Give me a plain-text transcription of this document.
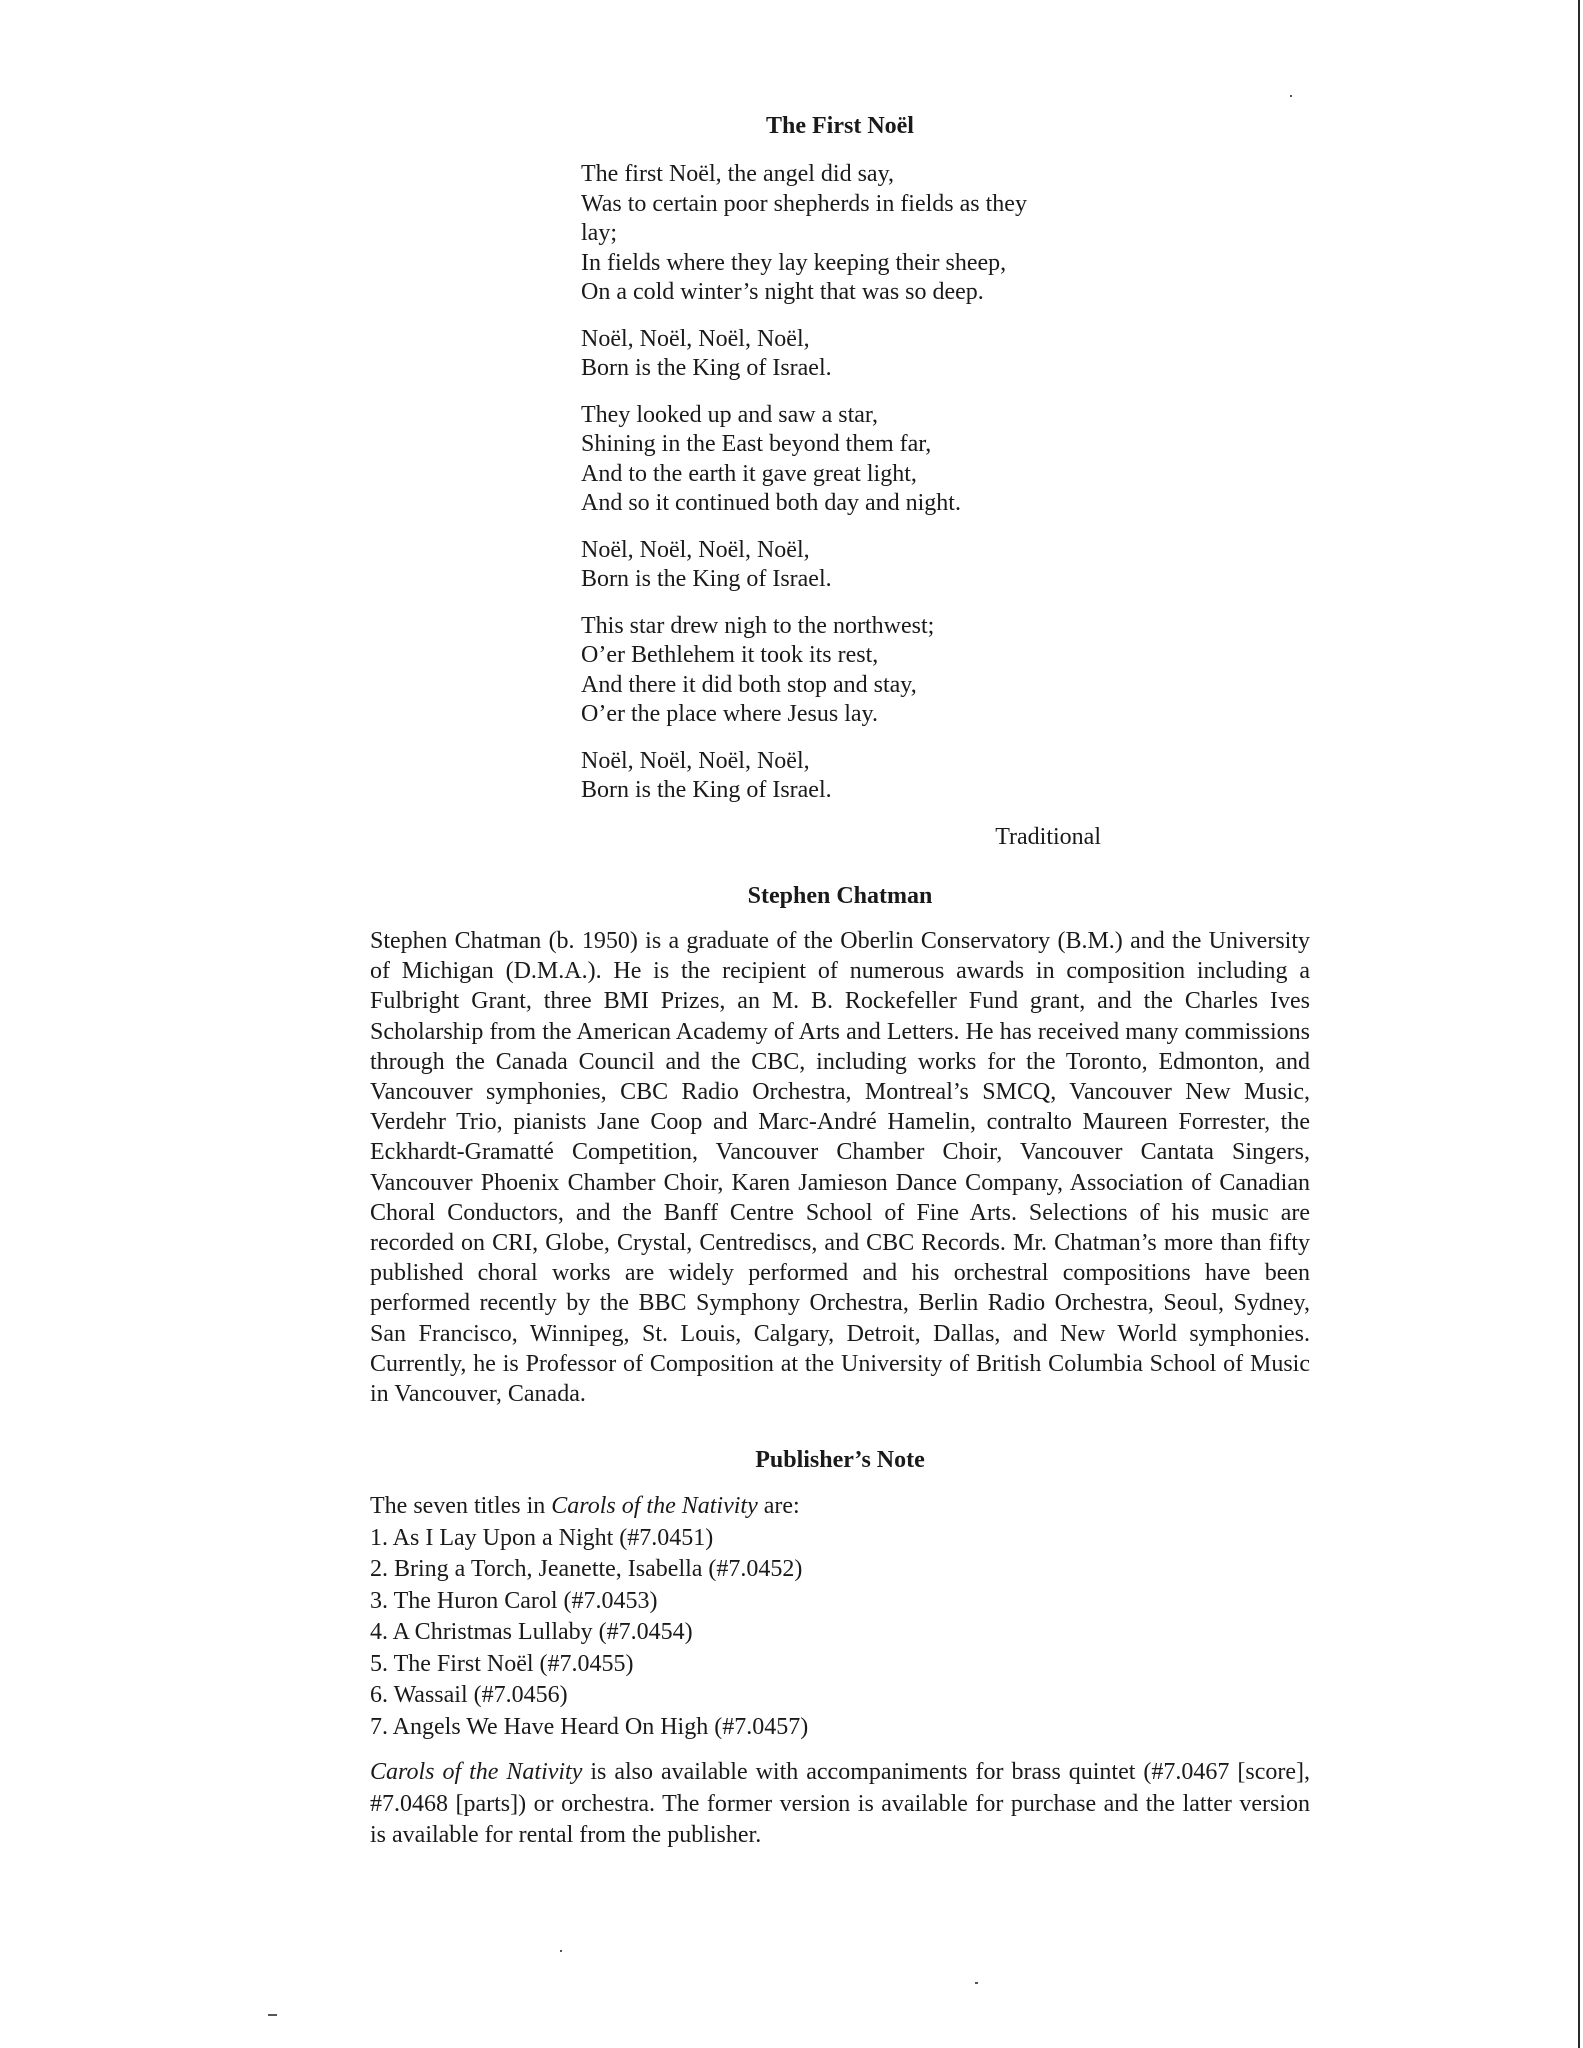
The First Noël
The first Noël, the angel did say,
Was to certain poor shepherds in fields as they
lay;
In fields where they lay keeping their sheep,
On a cold winter’s night that was so deep.
Noël, Noël, Noël, Noël,
Born is the King of Israel.
They looked up and saw a star,
Shining in the East beyond them far,
And to the earth it gave great light,
And so it continued both day and night.
Noël, Noël, Noël, Noël,
Born is the King of Israel.
This star drew nigh to the northwest;
O’er Bethlehem it took its rest,
And there it did both stop and stay,
O’er the place where Jesus lay.
Noël, Noël, Noël, Noël,
Born is the King of Israel.
Traditional
Stephen Chatman

Stephen Chatman (b. 1950) is a graduate of the Oberlin Conservatory (B.M.) and the University of Michigan (D.M.A.). He is the recipient of numerous awards in composition including a Fulbright Grant, three BMI Prizes, an M. B. Rockefeller Fund grant, and the Charles Ives Scholarship from the American Academy of Arts and Letters. He has received many commissions through the Canada Council and the CBC, including works for the Toronto, Edmonton, and Vancouver symphonies, CBC Radio Orchestra, Montreal’s SMCQ, Vancouver New Music, Verdehr Trio, pianists Jane Coop and Marc-André Hamelin, contralto Maureen Forrester, the Eckhardt-Gramatté Competition, Vancouver Chamber Choir, Vancouver Cantata Singers, Vancouver Phoenix Chamber Choir, Karen Jamieson Dance Company, Association of Canadian Choral Conductors, and the Banff Centre School of Fine Arts. Selections of his music are recorded on CRI, Globe, Crystal, Centrediscs, and CBC Records. Mr. Chatman’s more than fifty published choral works are widely performed and his orchestral compositions have been performed recently by the BBC Symphony Orchestra, Berlin Radio Orchestra, Seoul, Sydney, San Francisco, Winnipeg, St. Louis, Calgary, Detroit, Dallas, and New World symphonies. Currently, he is Professor of Composition at the University of British Columbia School of Music in Vancouver, Canada.

Publisher’s Note
The seven titles in Carols of the Nativity are:
1. As I Lay Upon a Night (#7.0451)
2. Bring a Torch, Jeanette, Isabella (#7.0452)
3. The Huron Carol (#7.0453)
4. A Christmas Lullaby (#7.0454)
5. The First Noël (#7.0455)
6. Wassail (#7.0456)
7. Angels We Have Heard On High (#7.0457)
Carols of the Nativity is also available with accompaniments for brass quintet (#7.0467 [score], #7.0468 [parts]) or orchestra. The former version is available for purchase and the latter version is available for rental from the publisher.
